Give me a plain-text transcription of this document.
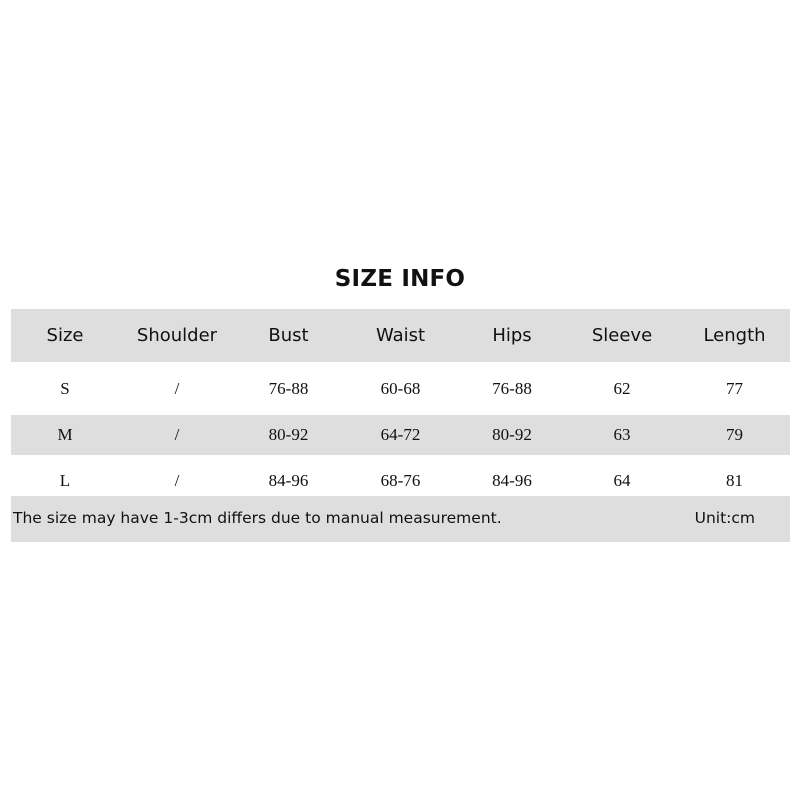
SIZE INFO
Size	Shoulder	Bust	Waist	Hips	Sleeve	Length
S	/	76-88	60-68	76-88	62	77
M	/	80-92	64-72	80-92	63	79
L	/	84-96	68-76	84-96	64	81
The size may have 1-3cm differs due to manual measurement.	Unit:cm
